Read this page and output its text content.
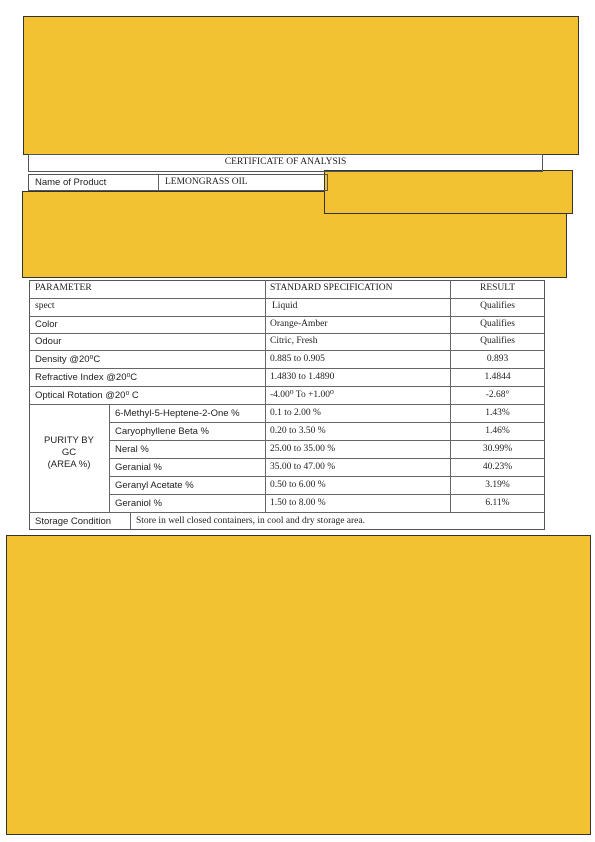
CERTIFICATE OF ANALYSIS
Name of Product	LEMONGRASS OIL
PARAMETER	STANDARD SPECIFICATION	RESULT
spect	Liquid	Qualifies
Color	Orange-Amber	Qualifies
Odour	Citric, Fresh	Qualifies
Density @20⁰C	0.885 to 0.905	0.893
Refractive Index @20⁰C	1.4830 to 1.4890	1.4844
Optical Rotation @20⁰ C	-4.00⁰ To +1.00⁰	-2.68°
PURITY BY
GC
(AREA %)
6-Methyl-5-Heptene-2-One %	0.1 to 2.00 %	1.43%
Caryophyllene Beta %	0.20 to 3.50 %	1.46%
Neral %	25.00 to 35.00 %	30.99%
Geranial %	35.00 to 47.00 %	40.23%
Geranyl Acetate %	0.50 to 6.00 %	3.19%
Geraniol %	1.50 to 8.00 %	6.11%
Storage Condition	Store in well closed containers, in cool and dry storage area.
